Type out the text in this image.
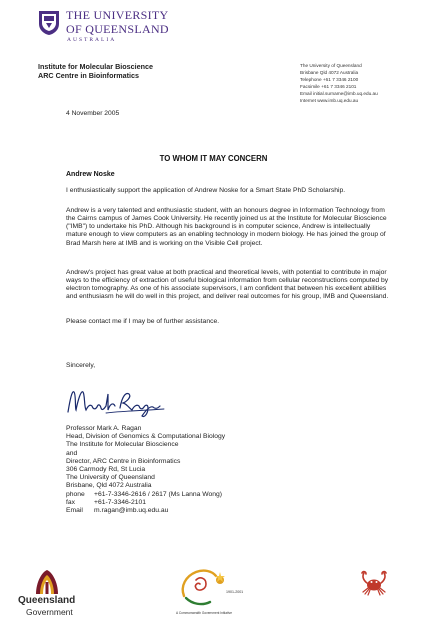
THE UNIVERSITY
OF QUEENSLAND
AUSTRALIA
Institute for Molecular Bioscience
ARC Centre in Bioinformatics
The University of Queensland
Brisbane Qld 4072 Australia
Telephone +61 7 3346 2100
Facsimile +61 7 3346 2101
Email initial.surname@imb.uq.edu.au
Internet www.imb.uq.edu.au
4 November 2005
TO WHOM IT MAY CONCERN
Andrew Noske
I enthusiastically support the application of Andrew Noske for a Smart State PhD Scholarship.
Andrew is a very talented and enthusiastic student, with an honours degree in Information Technology from the Cairns campus of James Cook University. He recently joined us at the Institute for Molecular Bioscience ("IMB") to undertake his PhD. Although his background is in computer science, Andrew is intellectually mature enough to view computers as an enabling technology in modern biology. He has joined the group of Brad Marsh here at IMB and is working on the Visible Cell project.
Andrew's project has great value at both practical and theoretical levels, with potential to contribute in major ways to the efficiency of extraction of useful biological information from cellular reconstructions computed by electron tomography. As one of his associate supervisors, I am confident that between his excellent abilities and enthusiasm he will do well in this project, and deliver real outcomes for his group, IMB and Queensland.
Please contact me if I may be of further assistance.
Sincerely,
Professor Mark A. Ragan
Head, Division of Genomics & Computational Biology
The Institute for Molecular Bioscience
and
Director, ARC Centre in Bioinformatics
306 Carmody Rd, St Lucia
The University of Queensland
Brisbane, Qld 4072 Australia
phone	+61-7-3346-2616 / 2617 (Ms Lanna Wong)
fax	+61-7-3346-2101
Email	m.ragan@imb.uq.edu.au
Queensland
Government
1901-2001
A Commonwealth Government Initiative
